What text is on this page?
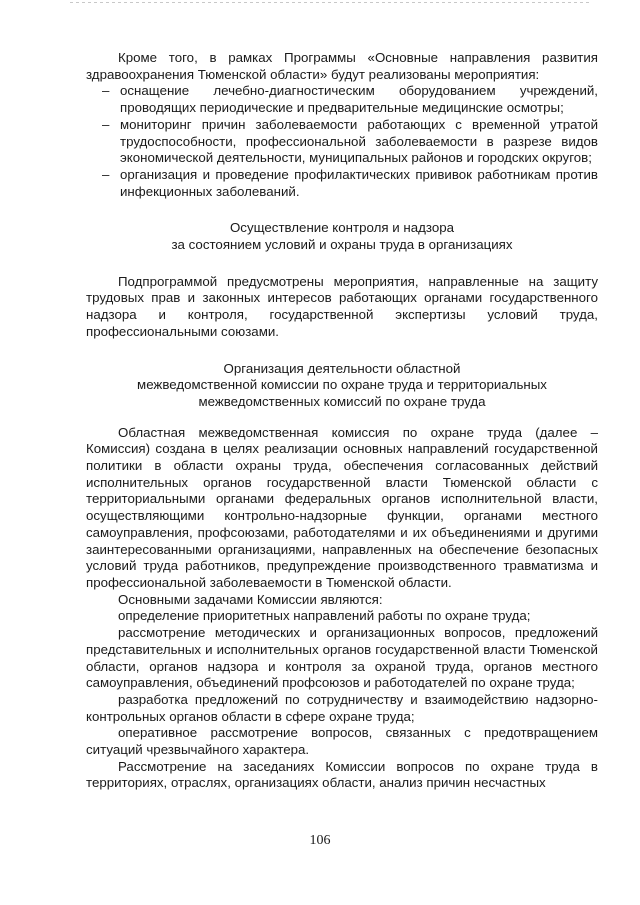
Кроме того, в рамках Программы «Основные направления развития здравоохранения Тюменской области» будут реализованы мероприятия:

– оснащение лечебно-диагностическим оборудованием учреждений, проводящих периодические и предварительные медицинские осмотры;
– мониторинг причин заболеваемости работающих с временной утратой трудоспособности, профессиональной заболеваемости в разрезе видов экономической деятельности, муниципальных районов и городских округов;
– организация и проведение профилактических прививок работникам против инфекционных заболеваний.
Осуществление контроля и надзора
за состоянием условий и охраны труда в организациях

Подпрограммой предусмотрены мероприятия, направленные на защиту трудовых прав и законных интересов работающих органами государственного надзора и контроля, государственной экспертизы условий труда, профессиональными союзами.

Организация деятельности областной
межведомственной комиссии по охране труда и территориальных
межведомственных комиссий по охране труда

Областная межведомственная комиссия по охране труда (далее – Комиссия) создана в целях реализации основных направлений государственной политики в области охраны труда, обеспечения согласованных действий исполнительных органов государственной власти Тюменской области с территориальными органами федеральных органов исполнительной власти, осуществляющими контрольно-надзорные функции, органами местного самоуправления, профсоюзами, работодателями и их объединениями и другими заинтересованными организациями, направленных на обеспечение безопасных условий труда работников, предупреждение производственного травматизма и профессиональной заболеваемости в Тюменской области.

Основными задачами Комиссии являются:

определение приоритетных направлений работы по охране труда;

рассмотрение методических и организационных вопросов, предложений представительных и исполнительных органов государственной власти Тюменской области, органов надзора и контроля за охраной труда, органов местного самоуправления, объединений профсоюзов и работодателей по охране труда;

разработка предложений по сотрудничеству и взаимодействию надзорно-контрольных органов области в сфере охране труда;

оперативное рассмотрение вопросов, связанных с предотвращением ситуаций чрезвычайного характера.

Рассмотрение на заседаниях Комиссии вопросов по охране труда в территориях, отраслях, организациях области, анализ причин несчастных

106
